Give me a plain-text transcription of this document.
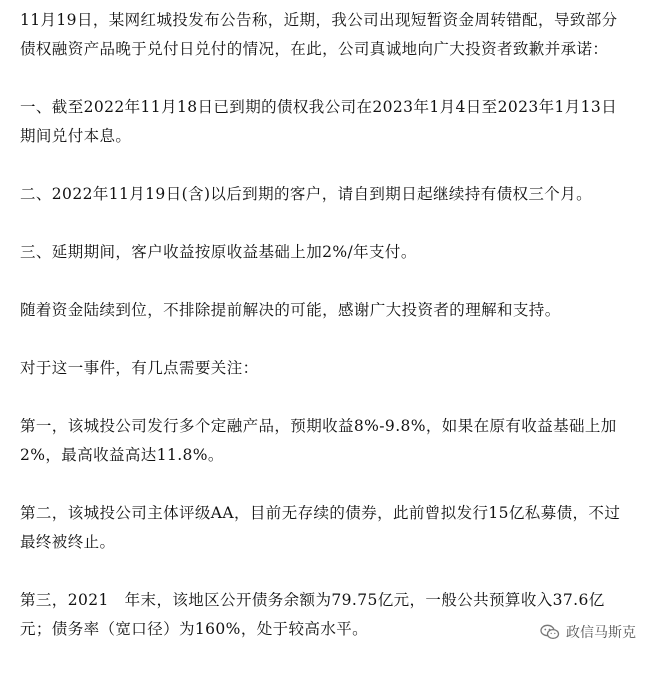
11月19日，某网红城投发布公告称，近期，我公司出现短暂资金周转错配，导致部分债权融资产品晚于兑付日兑付的情况，在此，公司真诚地向广大投资者致歉并承诺：

一、截至2022年11月18日已到期的债权我公司在2023年1月4日至2023年1月13日期间兑付本息。

二、2022年11月19日(含)以后到期的客户，请自到期日起继续持有债权三个月。

三、延期期间，客户收益按原收益基础上加2%/年支付。

随着资金陆续到位，不排除提前解决的可能，感谢广大投资者的理解和支持。

对于这一事件，有几点需要关注：

第一，该城投公司发行多个定融产品，预期收益8%-9.8%，如果在原有收益基础上加2%，最高收益高达11.8%。

第二，该城投公司主体评级AA，目前无存续的债券，此前曾拟发行15亿私募债，不过最终被终止。

第三，2021　年末，该地区公开债务余额为79.75亿元，一般公共预算收入37.6亿元；债务率（宽口径）为160%，处于较高水平。	政信马斯克
